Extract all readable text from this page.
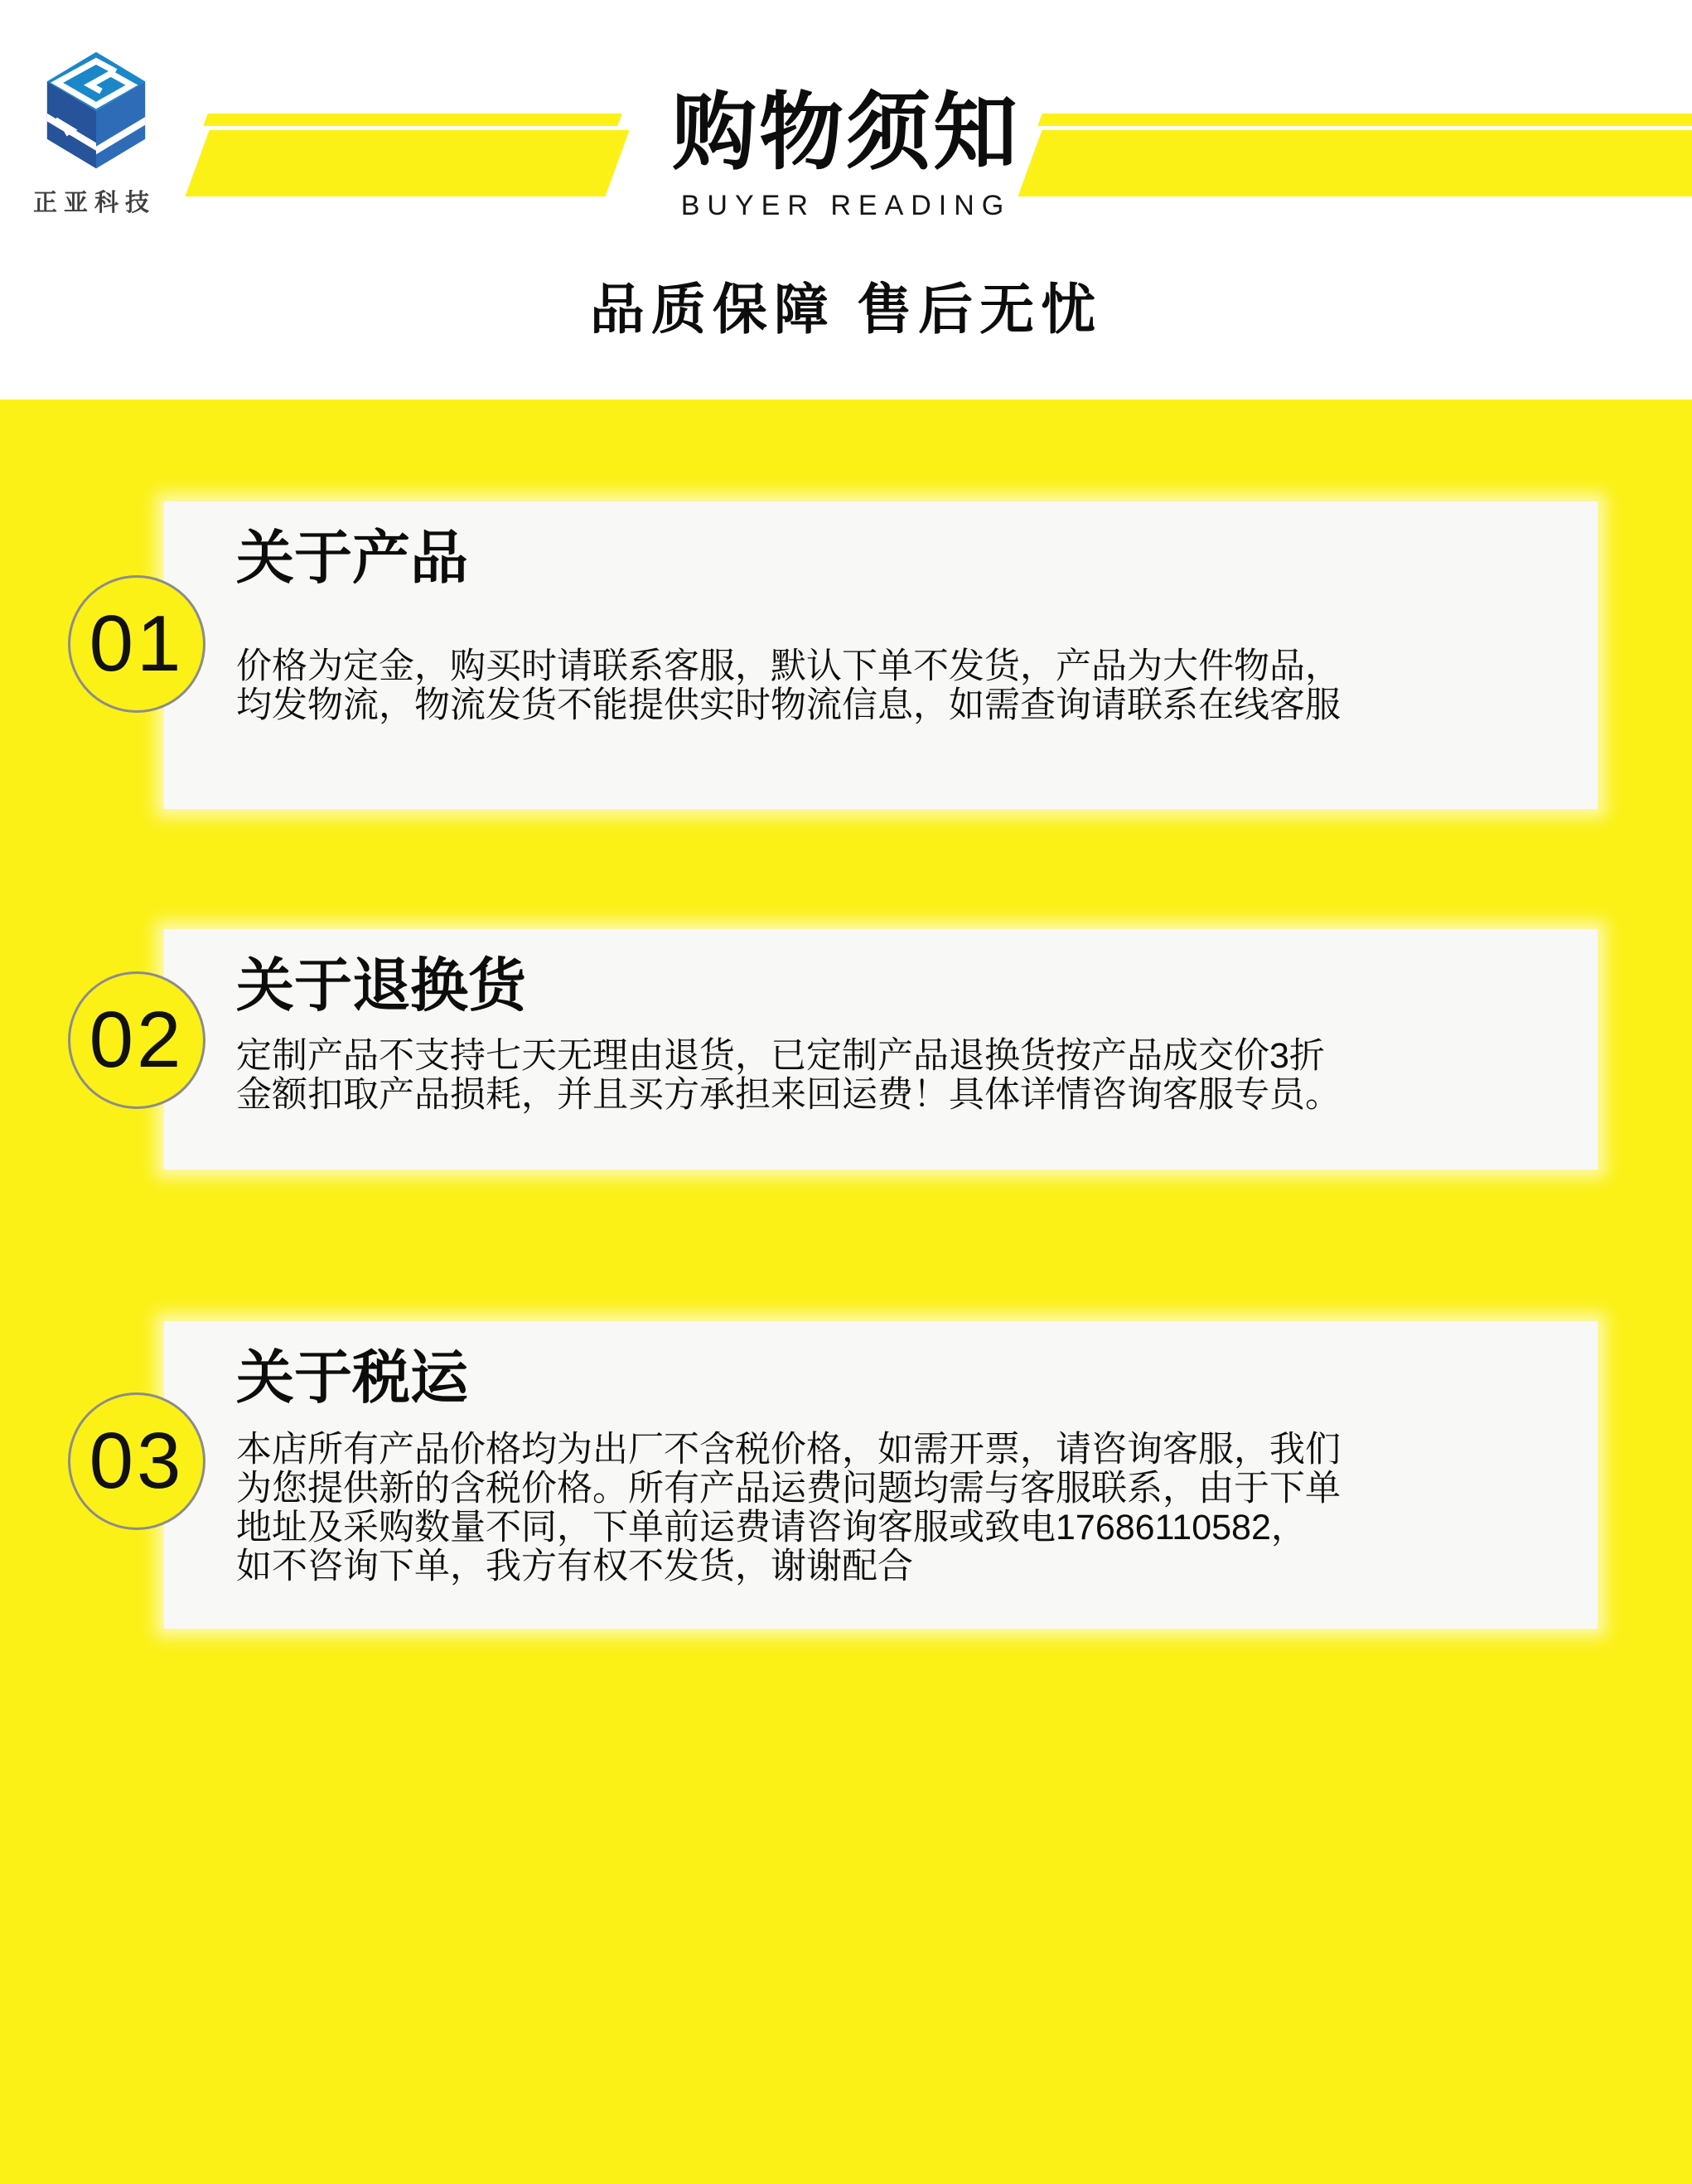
正亚科技
购物须知
BUYER READING
品质保障 售后无忧
关于产品

价格为定金，购买时请联系客服，默认下单不发货，产品为大件物品，
均发物流，物流发货不能提供实时物流信息，如需查询请联系在线客服

01
关于退换货

定制产品不支持七天无理由退货，已定制产品退换货按产品成交价3折
金额扣取产品损耗，并且买方承担来回运费！具体详情咨询客服专员。

02
关于税运

本店所有产品价格均为出厂不含税价格，如需开票，请咨询客服，我们
为您提供新的含税价格。所有产品运费问题均需与客服联系，由于下单
地址及采购数量不同，下单前运费请咨询客服或致电17686110582，
如不咨询下单，我方有权不发货，谢谢配合

03
